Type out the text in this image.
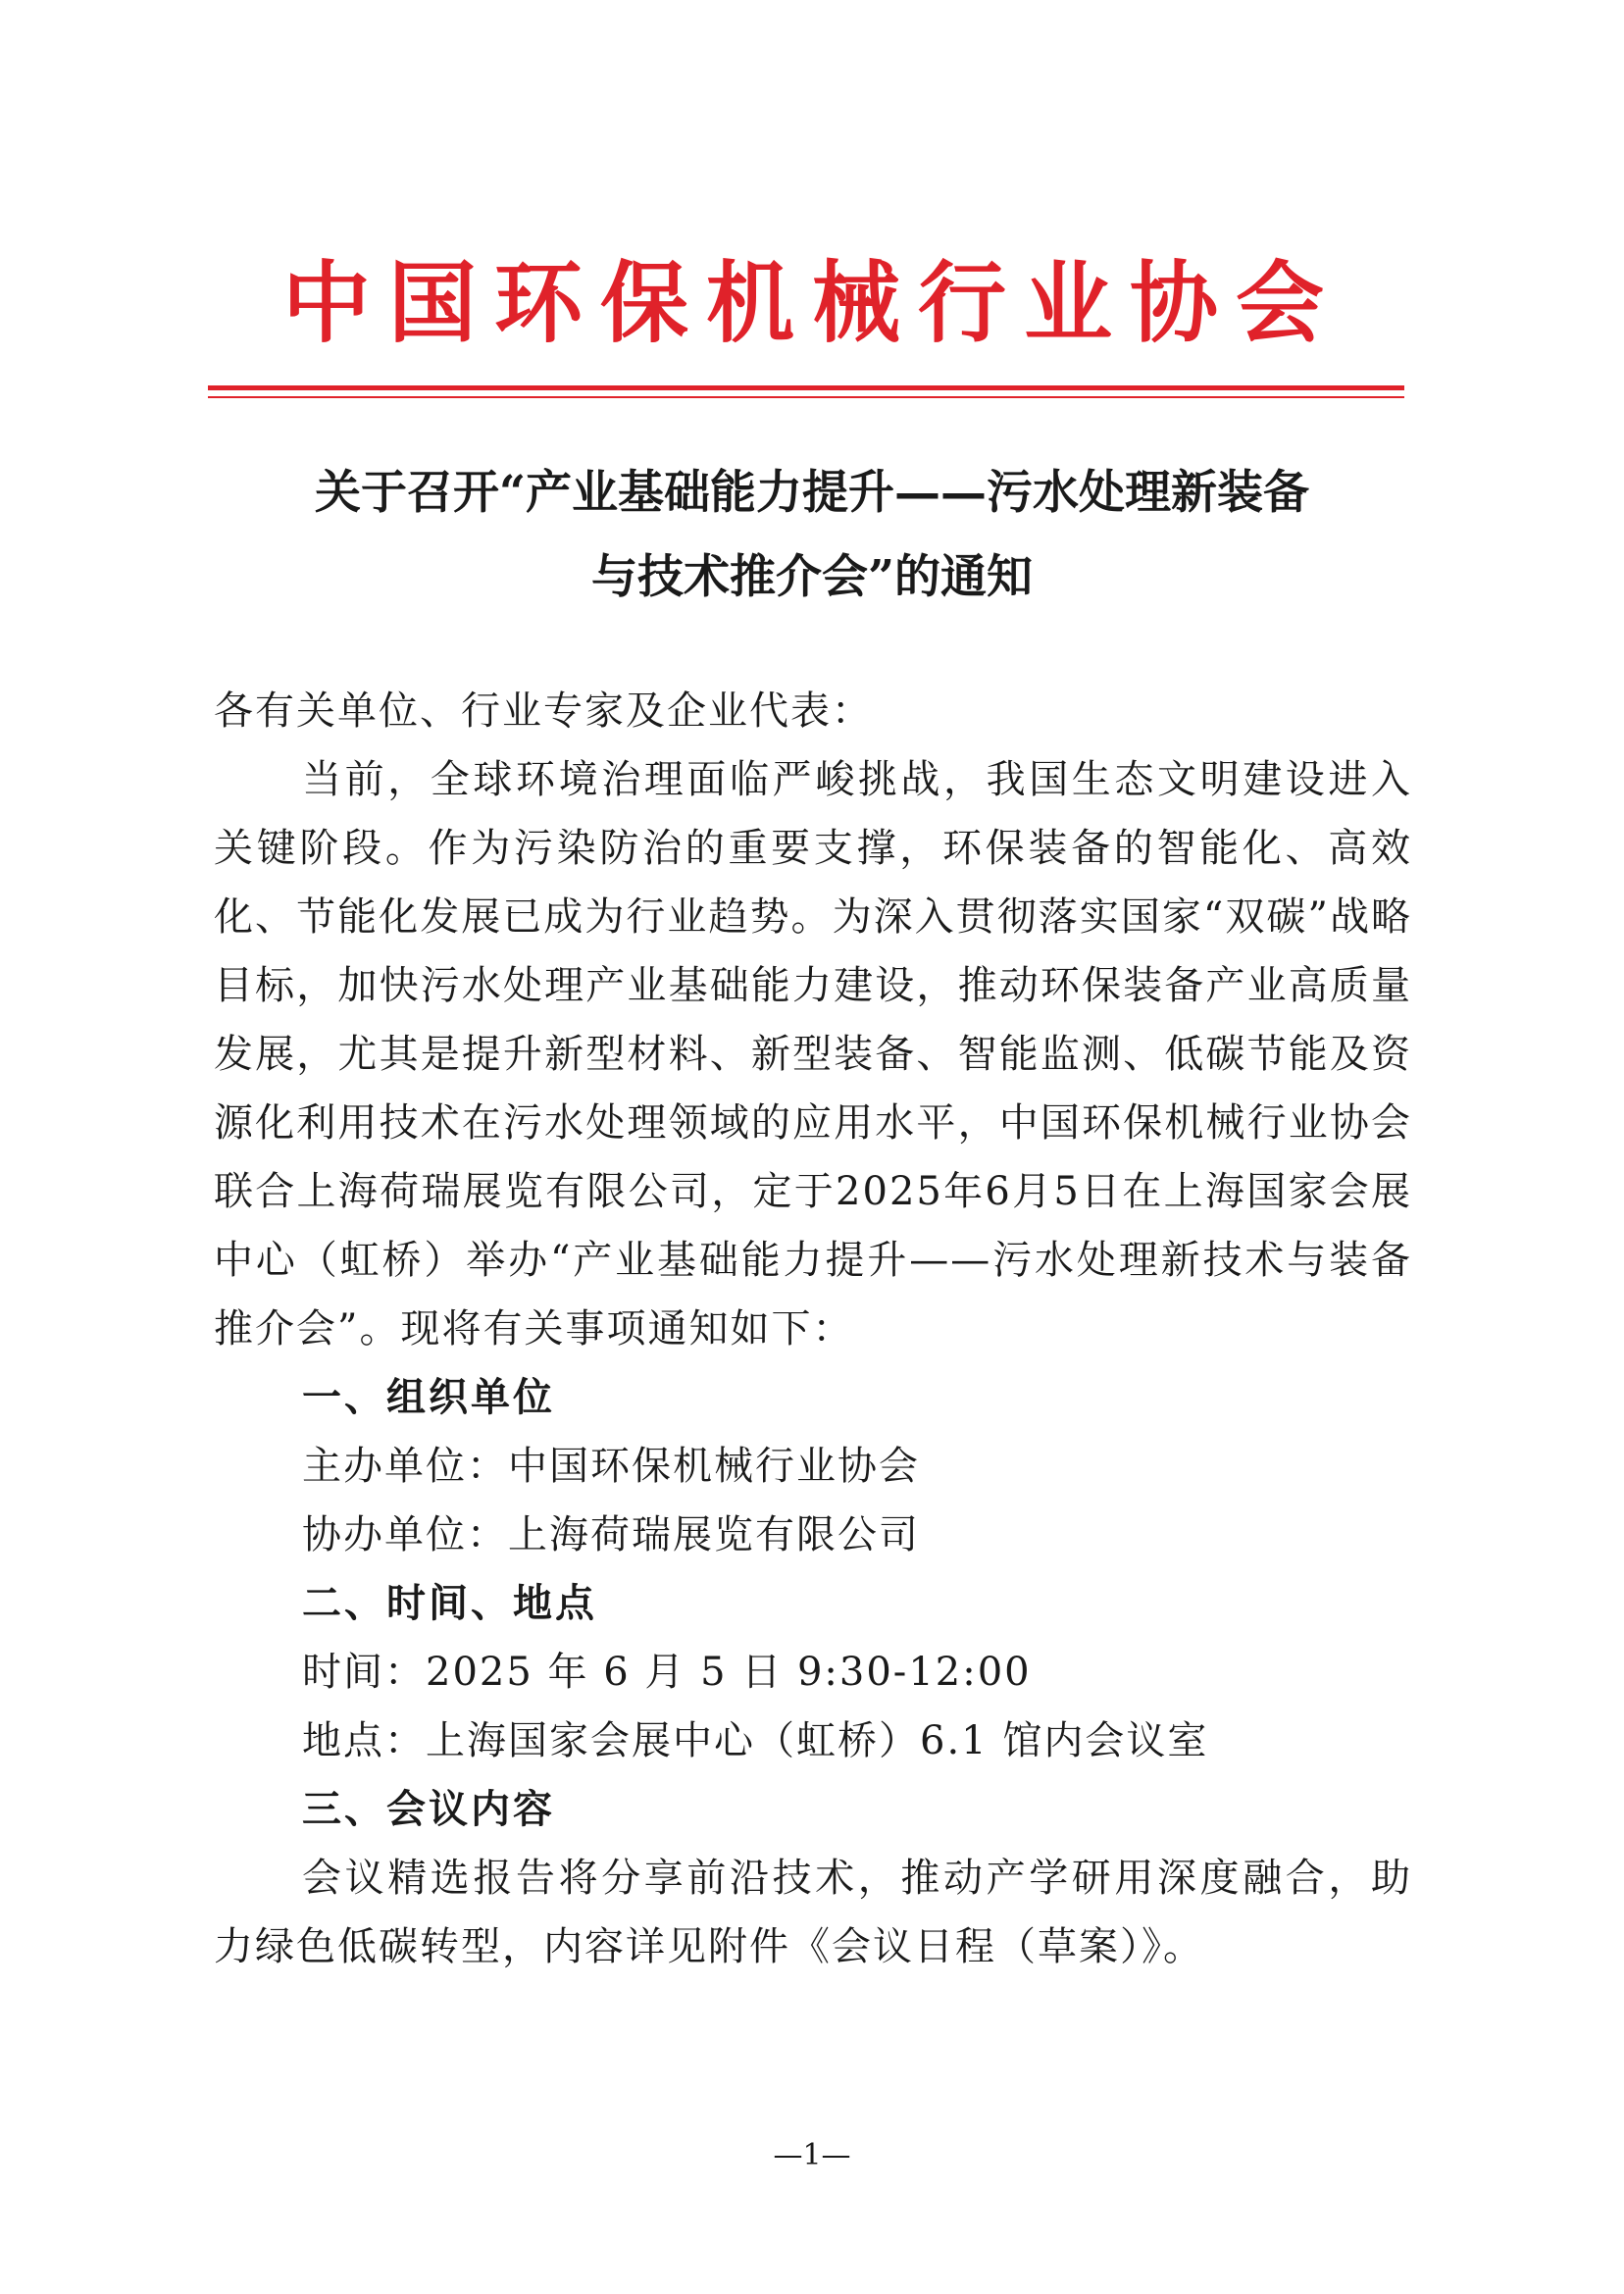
中国环保机械行业协会
关于召开“产业基础能力提升——污水处理新装备
与技术推介会”的通知

各有关单位、行业专家及企业代表：

当前，全球环境治理面临严峻挑战，我国生态文明建设进入关键阶段。作为污染防治的重要支撑，环保装备的智能化、高效化、节能化发展已成为行业趋势。为深入贯彻落实国家“双碳”战略目标，加快污水处理产业基础能力建设，推动环保装备产业高质量发展，尤其是提升新型材料、新型装备、智能监测、低碳节能及资源化利用技术在污水处理领域的应用水平，中国环保机械行业协会联合上海荷瑞展览有限公司，定于2025年6月5日在上海国家会展中心（虹桥）举办“产业基础能力提升——污水处理新技术与装备推介会”。现将有关事项通知如下：

一、组织单位

主办单位：中国环保机械行业协会

协办单位：上海荷瑞展览有限公司

二、时间、地点

时间：2025 年 6 月 5 日 9:30-12:00

地点：上海国家会展中心（虹桥）6.1 馆内会议室

三、会议内容

会议精选报告将分享前沿技术，推动产学研用深度融合，助力绿色低碳转型，内容详见附件《会议日程（草案）》。

—1—
